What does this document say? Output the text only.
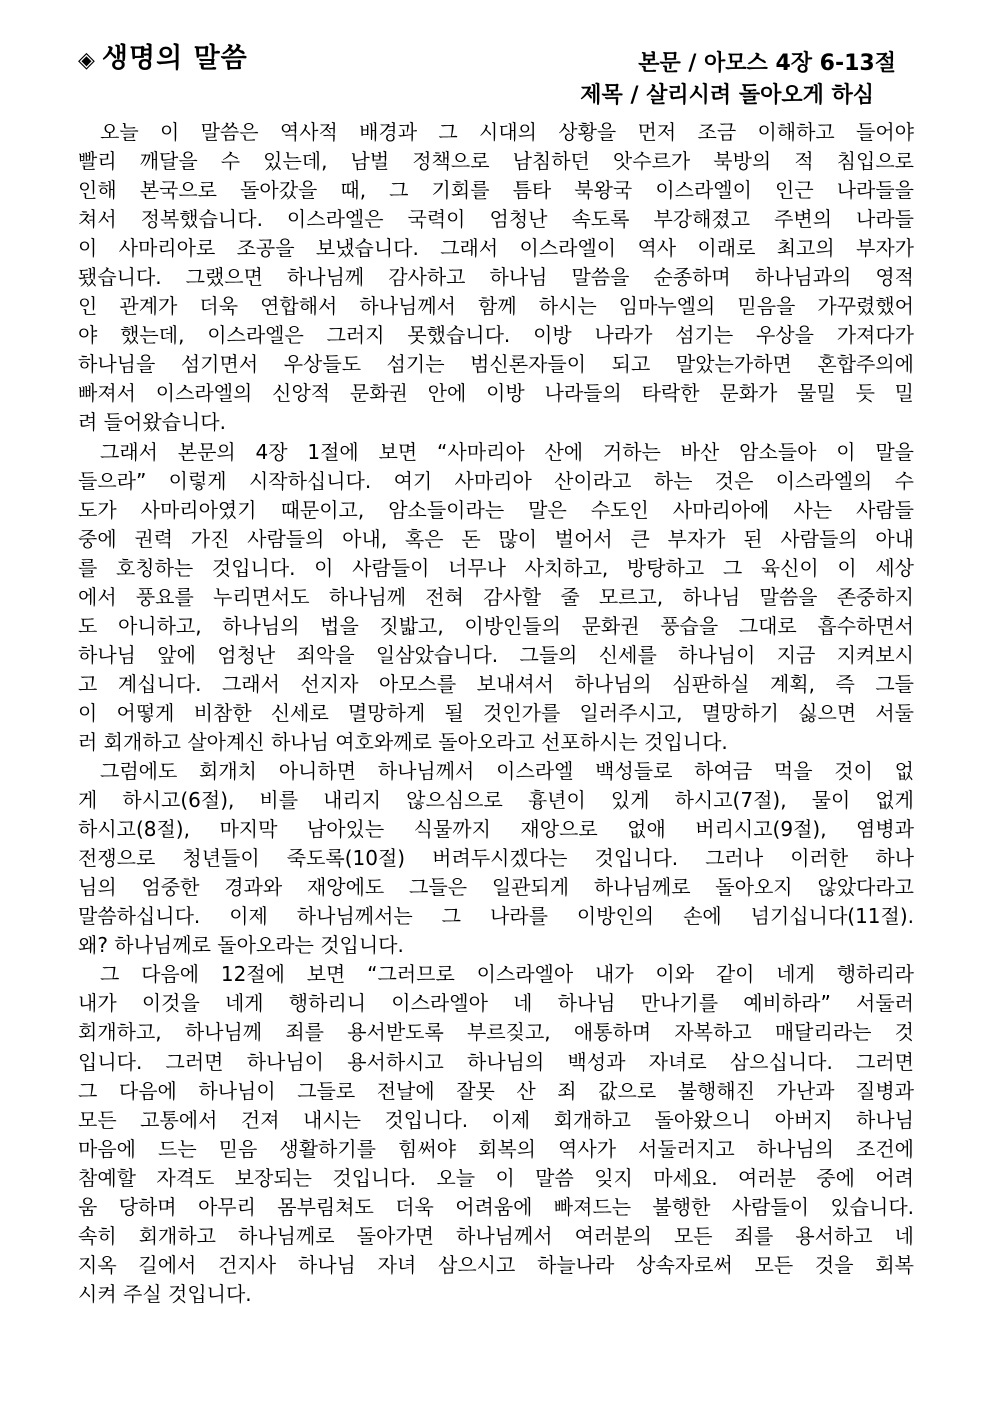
◈ 생명의 말씀	본문 / 아모스 4장 6-13절
제목 / 살리시려 돌아오게 하심
오늘 이 말씀은 역사적 배경과 그 시대의 상황을 먼저 조금 이해하고 들어야
빨리 깨달을 수 있는데, 남벌 정책으로 남침하던 앗수르가 북방의 적 침입으로
인해 본국으로 돌아갔을 때, 그 기회를 틈타 북왕국 이스라엘이 인근 나라들을
쳐서 정복했습니다. 이스라엘은 국력이 엄청난 속도록 부강해졌고 주변의 나라들
이 사마리아로 조공을 보냈습니다. 그래서 이스라엘이 역사 이래로 최고의 부자가
됐습니다. 그랬으면 하나님께 감사하고 하나님 말씀을 순종하며 하나님과의 영적
인 관계가 더욱 연합해서 하나님께서 함께 하시는 임마누엘의 믿음을 가꾸렸했어
야 했는데, 이스라엘은 그러지 못했습니다. 이방 나라가 섬기는 우상을 가져다가
하나님을 섬기면서 우상들도 섬기는 범신론자들이 되고 말았는가하면 혼합주의에
빠져서 이스라엘의 신앙적 문화권 안에 이방 나라들의 타락한 문화가 물밀 듯 밀
려 들어왔습니다.
그래서 본문의 4장 1절에 보면 “사마리아 산에 거하는 바산 암소들아 이 말을
들으라” 이렇게 시작하십니다. 여기 사마리아 산이라고 하는 것은 이스라엘의 수
도가 사마리아였기 때문이고, 암소들이라는 말은 수도인 사마리아에 사는 사람들
중에 권력 가진 사람들의 아내, 혹은 돈 많이 벌어서 큰 부자가 된 사람들의 아내
를 호칭하는 것입니다. 이 사람들이 너무나 사치하고, 방탕하고 그 육신이 이 세상
에서 풍요를 누리면서도 하나님께 전혀 감사할 줄 모르고, 하나님 말씀을 존중하지
도 아니하고, 하나님의 법을 짓밟고, 이방인들의 문화권 풍습을 그대로 흡수하면서
하나님 앞에 엄청난 죄악을 일삼았습니다. 그들의 신세를 하나님이 지금 지켜보시
고 계십니다. 그래서 선지자 아모스를 보내셔서 하나님의 심판하실 계획, 즉 그들
이 어떻게 비참한 신세로 멸망하게 될 것인가를 일러주시고, 멸망하기 싫으면 서둘
러 회개하고 살아계신 하나님 여호와께로 돌아오라고 선포하시는 것입니다.
그럼에도 회개치 아니하면 하나님께서 이스라엘 백성들로 하여금 먹을 것이 없
게 하시고(6절), 비를 내리지 않으심으로 흉년이 있게 하시고(7절), 물이 없게
하시고(8절), 마지막 남아있는 식물까지 재앙으로 없애 버리시고(9절), 염병과
전쟁으로 청년들이 죽도록(10절) 버려두시겠다는 것입니다. 그러나 이러한 하나
님의 엄중한 경과와 재앙에도 그들은 일관되게 하나님께로 돌아오지 않았다라고
말씀하십니다. 이제 하나님께서는 그 나라를 이방인의 손에 넘기십니다(11절).
왜? 하나님께로 돌아오라는 것입니다.
그 다음에 12절에 보면 “그러므로 이스라엘아 내가 이와 같이 네게 행하리라
내가 이것을 네게 행하리니 이스라엘아 네 하나님 만나기를 예비하라” 서둘러
회개하고, 하나님께 죄를 용서받도록 부르짖고, 애통하며 자복하고 매달리라는 것
입니다. 그러면 하나님이 용서하시고 하나님의 백성과 자녀로 삼으십니다. 그러면
그 다음에 하나님이 그들로 전날에 잘못 산 죄 값으로 불행해진 가난과 질병과
모든 고통에서 건져 내시는 것입니다. 이제 회개하고 돌아왔으니 아버지 하나님
마음에 드는 믿음 생활하기를 힘써야 회복의 역사가 서둘러지고 하나님의 조건에
참예할 자격도 보장되는 것입니다. 오늘 이 말씀 잊지 마세요. 여러분 중에 어려
움 당하며 아무리 몸부림쳐도 더욱 어려움에 빠져드는 불행한 사람들이 있습니다.
속히 회개하고 하나님께로 돌아가면 하나님께서 여러분의 모든 죄를 용서하고 네
지옥 길에서 건지사 하나님 자녀 삼으시고 하늘나라 상속자로써 모든 것을 회복
시켜 주실 것입니다.
